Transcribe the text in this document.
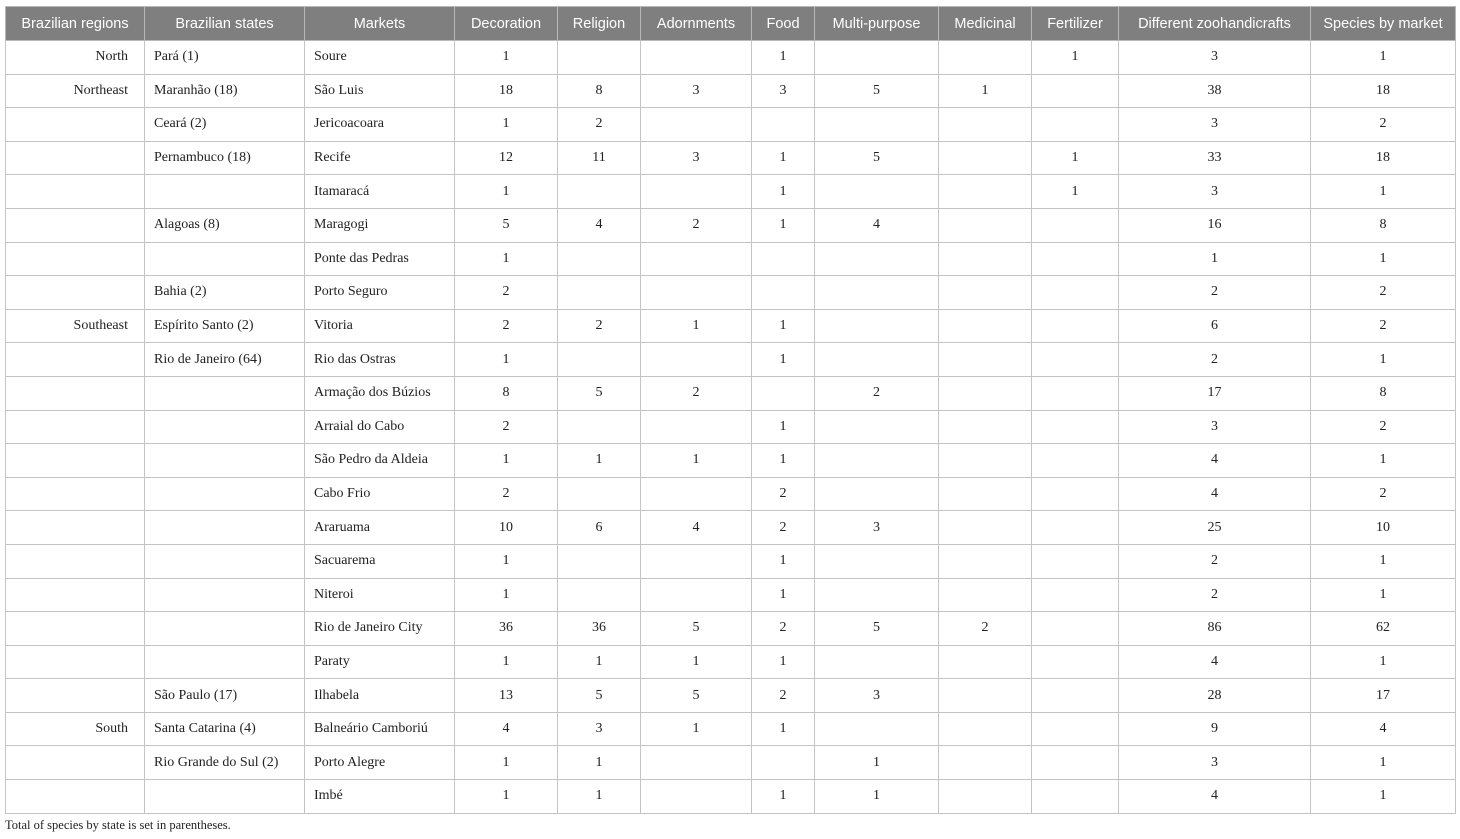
Brazilian regions	Brazilian states	Markets	Decoration	Religion	Adornments	Food	Multi-purpose	Medicinal	Fertilizer	Different zoohandicrafts	Species by market
North	Pará (1)	Soure	1			1			1	3	1
Northeast	Maranhão (18)	São Luis	18	8	3	3	5	1		38	18
	Ceará (2)	Jericoacoara	1	2						3	2
	Pernambuco (18)	Recife	12	11	3	1	5		1	33	18
		Itamaracá	1			1			1	3	1
	Alagoas (8)	Maragogi	5	4	2	1	4			16	8
		Ponte das Pedras	1							1	1
	Bahia (2)	Porto Seguro	2							2	2
Southeast	Espírito Santo (2)	Vitoria	2	2	1	1				6	2
	Rio de Janeiro (64)	Rio das Ostras	1			1				2	1
		Armação dos Búzios	8	5	2		2			17	8
		Arraial do Cabo	2			1				3	2
		São Pedro da Aldeia	1	1	1	1				4	1
		Cabo Frio	2			2				4	2
		Araruama	10	6	4	2	3			25	10
		Sacuarema	1			1				2	1
		Niteroi	1			1				2	1
		Rio de Janeiro City	36	36	5	2	5	2		86	62
		Paraty	1	1	1	1				4	1
	São Paulo (17)	Ilhabela	13	5	5	2	3			28	17
South	Santa Catarina (4)	Balneário Camboriú	4	3	1	1				9	4
	Rio Grande do Sul (2)	Porto Alegre	1	1			1			3	1
		Imbé	1	1		1	1			4	1
Total of species by state is set in parentheses.
